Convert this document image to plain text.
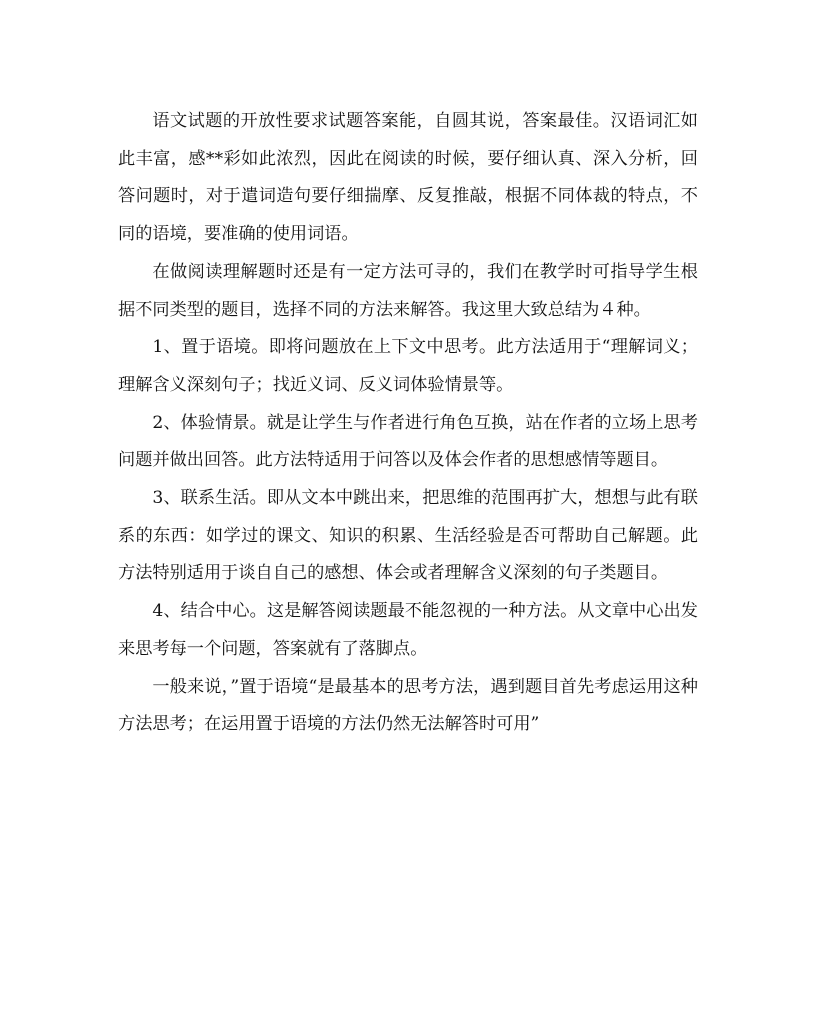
语文试题的开放性要求试题答案能，自圆其说，答案最佳。汉语词汇如此丰富，感**彩如此浓烈，因此在阅读的时候，要仔细认真、深入分析，回答问题时，对于遣词造句要仔细揣摩、反复推敲，根据不同体裁的特点，不同的语境，要准确的使用词语。

在做阅读理解题时还是有一定方法可寻的，我们在教学时可指导学生根据不同类型的题目，选择不同的方法来解答。我这里大致总结为４种。

1、置于语境。即将问题放在上下文中思考。此方法适用于“理解词义；理解含义深刻句子；找近义词、反义词体验情景等。

2、体验情景。就是让学生与作者进行角色互换，站在作者的立场上思考问题并做出回答。此方法特适用于问答以及体会作者的思想感情等题目。

3、联系生活。即从文本中跳出来，把思维的范围再扩大，想想与此有联系的东西：如学过的课文、知识的积累、生活经验是否可帮助自己解题。此方法特别适用于谈自自己的感想、体会或者理解含义深刻的句子类题目。

4、结合中心。这是解答阅读题最不能忽视的一种方法。从文章中心出发来思考每一个问题，答案就有了落脚点。

一般来说，”置于语境“是最基本的思考方法，遇到题目首先考虑运用这种方法思考；在运用置于语境的方法仍然无法解答时可用”
